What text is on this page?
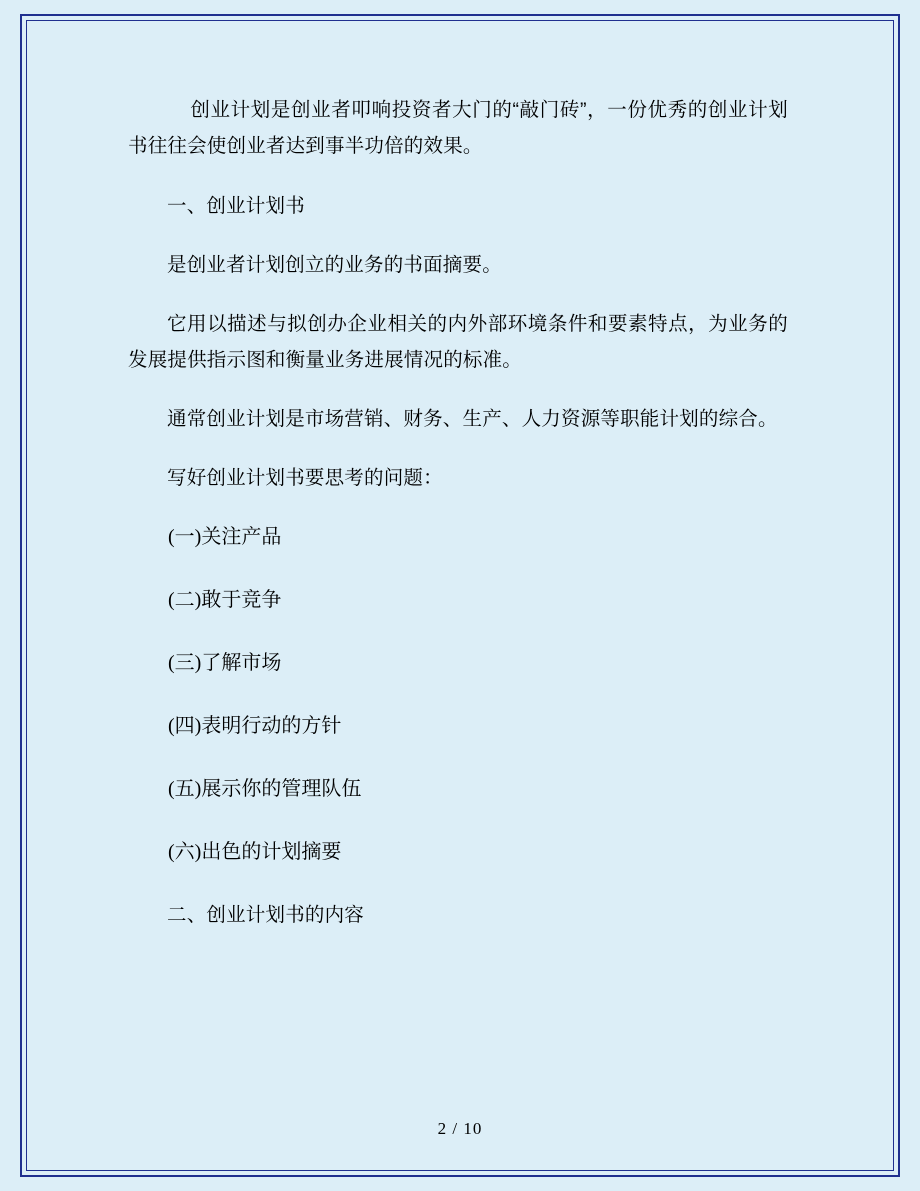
创业计划是创业者叩响投资者大门的“敲门砖”，一份优秀的创业计划书往往会使创业者达到事半功倍的效果。

一、创业计划书

是创业者计划创立的业务的书面摘要。

它用以描述与拟创办企业相关的内外部环境条件和要素特点，为业务的发展提供指示图和衡量业务进展情况的标准。

通常创业计划是市场营销、财务、生产、人力资源等职能计划的综合。

写好创业计划书要思考的问题：

(一)关注产品

(二)敢于竞争

(三)了解市场

(四)表明行动的方针

(五)展示你的管理队伍

(六)出色的计划摘要

二、创业计划书的内容

2 / 10
